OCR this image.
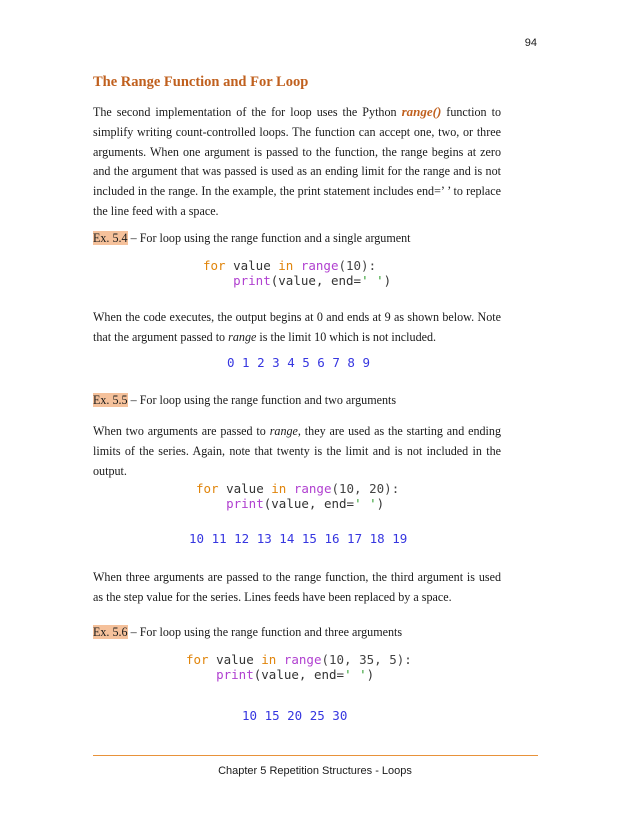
94
The Range Function and For Loop

The second implementation of the for loop uses the Python range() function to simplify writing count-controlled loops. The function can accept one, two, or three arguments. When one argument is passed to the function, the range begins at zero and the argument that was passed is used as an ending limit for the range and is not included in the range. In the example, the print statement includes end=’ ’ to replace the line feed with a space.

Ex. 5.4 – For loop using the range function and a single argument
for value in range(10):
print(value, end=' ')

When the code executes, the output begins at 0 and ends at 9 as shown below. Note that the argument passed to range is the limit 10 which is not included.

0 1 2 3 4 5 6 7 8 9
Ex. 5.5 – For loop using the range function and two arguments

When two arguments are passed to range, they are used as the starting and ending limits of the series. Again, note that twenty is the limit and is not included in the output.

for value in range(10, 20):
print(value, end=' ')
10 11 12 13 14 15 16 17 18 19

When three arguments are passed to the range function, the third argument is used as the step value for the series. Lines feeds have been replaced by a space.

Ex. 5.6 – For loop using the range function and three arguments
for value in range(10, 35, 5):
print(value, end=' ')
10 15 20 25 30
Chapter 5 Repetition Structures - Loops
